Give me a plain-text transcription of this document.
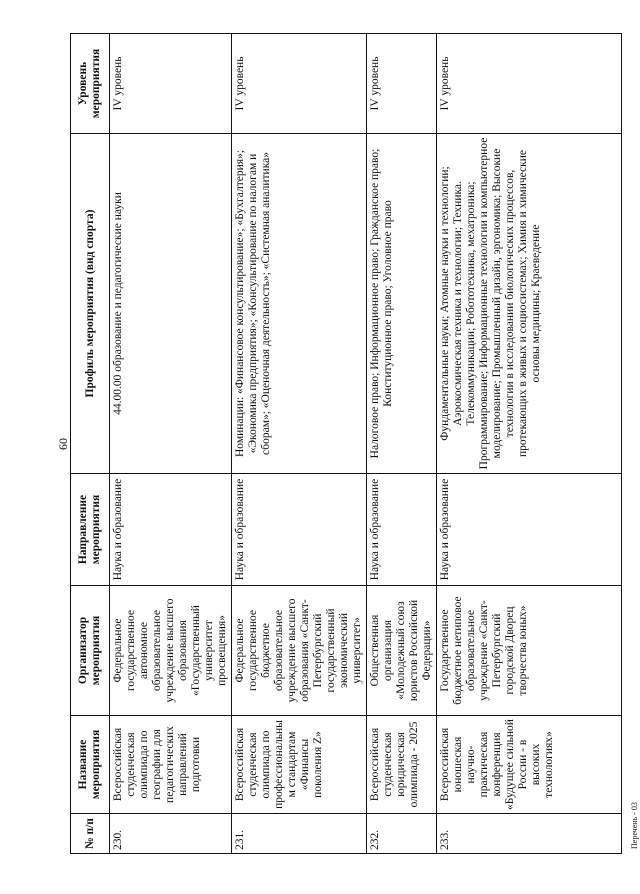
60
№ п/п	Название мероприятия	Организатор мероприятия	Направление мероприятия	Профиль мероприятия (вид спорта)	Уровень мероприятия
230.	Всероссийская студенческая олимпиада по географии для педагогических направлений подготовки	Федеральное государственное автономное образовательное учреждение высшего образования «Государственный университет просвещения»	Наука и образование	44.00.00 образование и педагогические науки	IV уровень
231.	Всероссийская студенческая олимпиада по профессиональным стандартам «Финансы поколения Z»	Федеральное государственное бюджетное образовательное учреждение высшего образования «Санкт-Петербургский государственный экономический университет»	Наука и образование	Номинации: «Финансовое консультирование»; «Бухгалтерия»; «Экономика предприятия»; «Консультирование по налогам и сборам»; «Оценочная деятельность»; «Системная аналитика»	IV уровень
232.	Всероссийская студенческая юридическая олимпиада - 2025	Общественная организация «Молодежный союз юристов Российской Федерации»	Наука и образование	Налоговое право; Информационное право; Гражданское право; Конституционное право; Уголовное право	IV уровень
233.	Всероссийская юношеская научно-практическая конференция «Будущее сильной России - в высоких технологиях»	Государственное бюджетное нетиповое образовательное учреждение «Санкт-Петербургский городской Дворец творчества юных»	Наука и образование	Фундаментальные науки; Атомные науки и технологии; Аэрокосмическая техника и технологии; Техника. Телекоммуникации; Робототехника, мехатроника; Программирование; Информационные технологии и компьютерное моделирование; Промышленный дизайн, эргономика; Высокие технологии в исследовании биологических процессов, протекающих в живых и социосистемах; Химия и химические основы медицины; Краеведение	IV уровень
Перечень - 03
